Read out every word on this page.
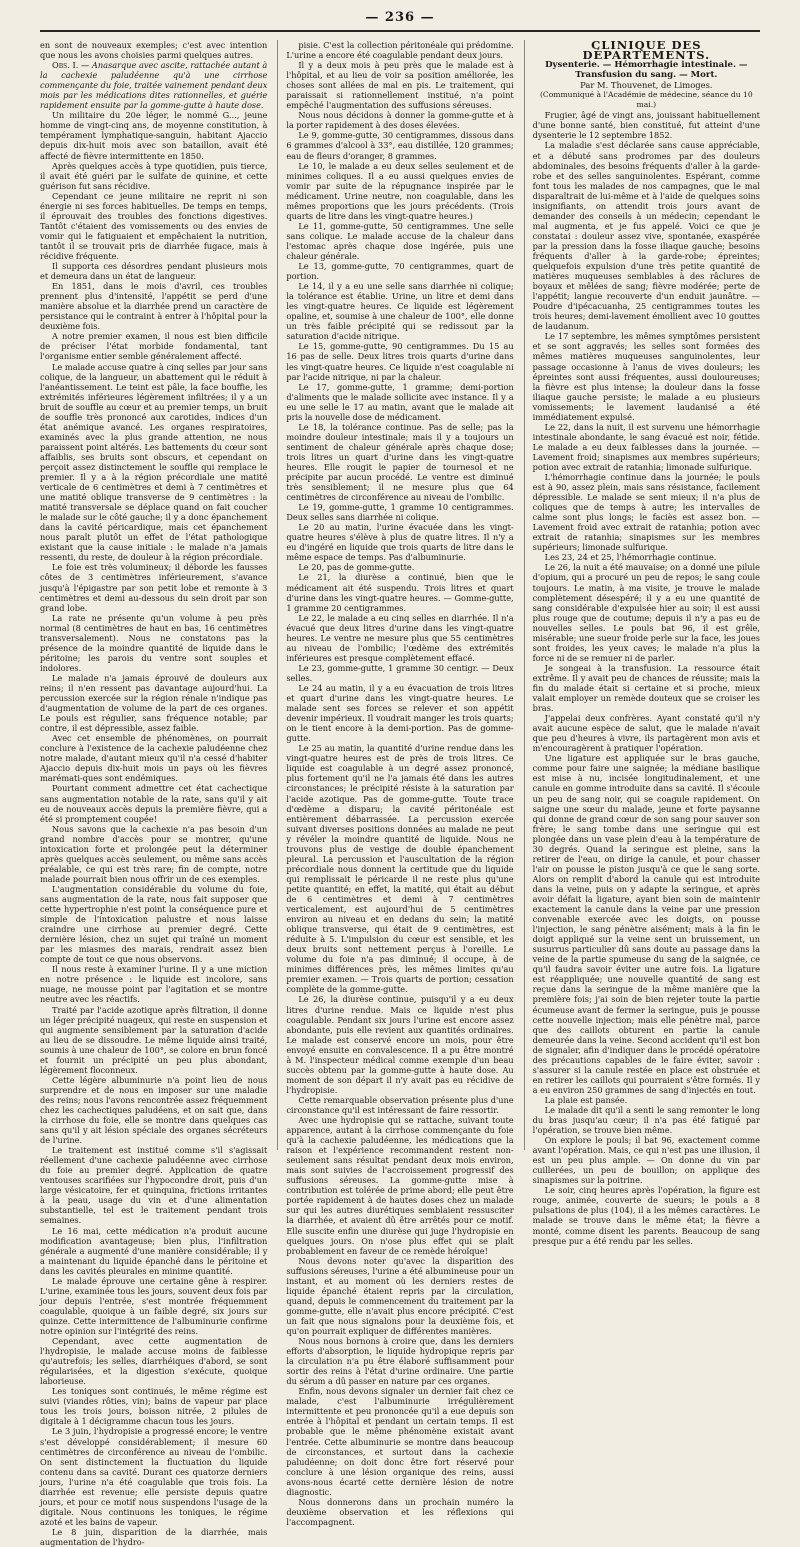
— 236 —

en sont de nouveaux exemples; c'est avec intention que nous les avons choisies parmi quelques autres.

Obs. I. — Anasarque avec ascite, rattachée autant à la cachexie paludéenne qu'à une cirrhose commençante du foie, traitée vainement pendant deux mois par les médications dites rationnelles, et guérie rapidement ensuite par la gomme-gutte à haute dose.

Un militaire du 20e léger, le nommé G..., jeune homme de vingt-cinq ans, de moyenne constitution, à tempérament lymphatique-sanguin, habitant Ajaccio depuis dix-huit mois avec son bataillon, avait été affecté de fièvre intermittente en 1850.

Après quelques accès à type quotidien, puis tierce, il avait été guéri par le sulfate de quinine, et cette guérison fut sans récidive.

Cependant ce jeune militaire ne reprit ni son énergie ni ses forces habituelles. De temps en temps, il éprouvait des troubles des fonctions digestives. Tantôt c'étaient des vomissements ou des envies de vomir qui le fatiguaient et empêchaient la nutrition, tantôt il se trouvait pris de diarrhée fugace, mais à récidive fréquente.

Il supporta ces désordres pendant plusieurs mois et demeura dans un état de langueur.

En 1851, dans le mois d'avril, ces troubles prennent plus d'intensité, l'appétit se perd d'une manière absolue et la diarrhée prend un caractère de persistance qui le contraint à entrer à l'hôpital pour la deuxième fois.

A notre premier examen, il nous est bien difficile de préciser l'état morbide fondamental, tant l'organisme entier semble généralement affecté.

Le malade accuse quatre à cinq selles par jour sans colique, de la langueur, un abattement qui le réduit à l'anéantissement. Le teint est pâle, la face bouffie, les extrémités inférieures légèrement infiltrées; il y a un bruit de souffle au cœur et au premier temps, un bruit de souffle très prononcé aux carotides, indices d'un état anémique avancé. Les organes respiratoires, examinés avec la plus grande attention, ne nous paraissent point altérés. Les battements du cœur sont affaiblis, ses bruits sont obscurs, et cependant on perçoit assez distinctement le souffle qui remplace le premier. Il y a à la région précordiale une matité verticale de 6 centimètres et demi à 7 centimètres et une matité oblique transverse de 9 centimètres : la matité transversale se déplace quand on fait coucher le malade sur le côté gauche; il y a donc épanchement dans la cavité péricardique, mais cet épanchement nous paraît plutôt un effet de l'état pathologique existant que la cause initiale : le malade n'a jamais ressenti, du reste, de douleur à la région précordiale.

Le foie est très volumineux; il déborde les fausses côtes de 3 centimètres inférieurement, s'avance jusqu'à l'épigastre par son petit lobe et remonte à 3 centimètres et demi au-dessous du sein droit par son grand lobe.

La rate ne présente qu'un volume à peu près normal (8 centimètres de haut en bas, 16 centimètres transversalement). Nous ne constatons pas la présence de la moindre quantité de liquide dans le péritoine; les parois du ventre sont souples et indolores.

Le malade n'a jamais éprouvé de douleurs aux reins; il n'en ressent pas davantage aujourd'hui. La percussion exercée sur la région rénale n'indique pas d'augmentation de volume de la part de ces organes. Le pouls est régulier, sans fréquence notable; par contre, il est dépressible, assez faible.

Avec cet ensemble de phénomènes, on pourrait conclure à l'existence de la cachexie paludéenne chez notre malade, d'autant mieux qu'il n'a cessé d'habiter Ajaccio depuis dix-huit mois un pays où les fièvres marémati-ques sont endémiques.

Pourtant comment admettre cet état cachectique sans augmentation notable de la rate, sans qu'il y ait eu de nouveaux accès depuis la première fièvre, qui a été si promptement coupée!

Nous savons que la cachexie n'a pas besoin d'un grand nombre d'accès pour se montrer, qu'une intoxication forte et prolongée peut la déterminer après quelques accès seulement, ou même sans accès préalable, ce qui est très rare; fin de compte, notre malade pourrait bien nous offrir un de ces exemples.

L'augmentation considérable du volume du foie, sans augmentation de la rate, nous fait supposer que cette hypertrophie n'est point la conséquence pure et simple de l'intoxication palustre et nous laisse craindre une cirrhose au premier degré. Cette dernière lésion, chez un sujet qui traîné un moment par les miasmes des marais, rendrait assez bien compte de tout ce que nous observons.

Il nous reste à examiner l'urine. Il y a une miction en notre présence : le liquide est incolore, sans nuage, ne mousse point par l'agitation et se montre neutre avec les réactifs.

Traité par l'acide azotique après filtration, il donne un léger précipité nuageux, qui reste en suspension et qui augmente sensiblement par la saturation d'acide au lieu de se dissoudre. Le même liquide ainsi traité, soumis à une chaleur de 100°, se colore en brun foncé et fournit un précipité un peu plus abondant, légèrement floconneux.

Cette légère albuminurie n'a point lieu de nous surprendre et de nous en imposer sur une maladie des reins; nous l'avons rencontrée assez fréquemment chez les cachectiques paludéens, et on sait que, dans la cirrhose du foie, elle se montre dans quelques cas sans qu'il y ait lésion spéciale des organes sécréteurs de l'urine.

Le traitement est institué comme s'il s'agissait réellement d'une cachexie paludéenne avec cirrhose du foie au premier degré. Application de quatre ventouses scarifiées sur l'hypocondre droit, puis d'un large vésicatoire, fer et quinquina, frictions irritantes à la peau, usage du vin et d'une alimentation substantielle, tel est le traitement pendant trois semaines.

Le 16 mai, cette médication n'a produit aucune modification avantageuse; bien plus, l'infiltration générale a augmenté d'une manière considérable; il y a maintenant du liquide épanché dans le péritoine et dans les cavités pleurales en minime quantité.

Le malade éprouve une certaine gêne à respirer. L'urine, examinée tous les jours, souvent deux fois par jour depuis l'entrée, s'est montrée fréquemment coagulable, quoique à un faible degré, six jours sur quinze. Cette intermittence de l'albuminurie confirme notre opinion sur l'intégrité des reins.

Cependant, avec cette augmentation de l'hydropisie, le malade accuse moins de faiblesse qu'autrefois; les selles, diarrhéiques d'abord, se sont régularisées, et la digestion s'exécute, quoique laborieuse.

Les toniques sont continués, le même régime est suivi (viandes rôties, vin); bains de vapeur par place tous les trois jours, boisson nitrée, 2 pilules de digitale à 1 décigramme chacun tous les jours.

Le 3 juin, l'hydropisie a progressé encore; le ventre s'est développé considérablement; il mesure 60 centimètres de circonférence au niveau de l'ombilic. On sent distinctement la fluctuation du liquide contenu dans sa cavité. Durant ces quatorze derniers jours, l'urine n'a été coagulable que trois fois. La diarrhée est revenue; elle persiste depuis quatre jours, et pour ce motif nous suspendons l'usage de la digitale. Nous continuons les toniques, le régime azoté et les bains de vapeur.

Le 8 juin, disparition de la diarrhée, mais augmentation de l'hydro-

pisie. C'est la collection péritonéale qui prédomine. L'urine a encore été coagulable pendant deux jours.

Il y a deux mois à peu près que le malade est à l'hôpital, et au lieu de voir sa position améliorée, les choses sont allées de mal en pis. Le traitement, qui paraissait si rationnellement institué, n'a point empêché l'augmentation des suffusions séreuses.

Nous nous décidons à donner la gomme-gutte et à la porter rapidement à des doses élevées.

Le 9, gomme-gutte, 30 centigrammes, dissous dans 6 grammes d'alcool à 33°, eau distillée, 120 grammes; eau de fleurs d'oranger, 8 grammes.

Le 10, le malade a eu deux selles seulement et de minimes coliques. Il a eu aussi quelques envies de vomir par suite de la répugnance inspirée par le médicament. Urine neutre, non coagulable, dans les mêmes proportions que les jours précédents. (Trois quarts de litre dans les vingt-quatre heures.)

Le 11, gomme-gutte, 50 centigrammes. Une selle sans colique. Le malade accuse de la chaleur dans l'estomac après chaque dose ingérée, puis une chaleur générale.

Le 13, gomme-gutte, 70 centigrammes, quart de portion.

Le 14, il y a eu une selle sans diarrhée ni colique; la tolérance est établie. Urine, un litre et demi dans les vingt-quatre heures. Ce liquide est légèrement opaline, et, soumise à une chaleur de 100°, elle donne un très faible précipité qui se redissout par la saturation d'acide nitrique.

Le 15, gomme-gutte, 90 centigrammes. Du 15 au 16 pas de selle. Deux litres trois quarts d'urine dans les vingt-quatre heures. Ce liquide n'est coagulable ni par l'acide nitrique, ni par la chaleur.

Le 17, gomme-gutte, 1 gramme; demi-portion d'aliments que le malade sollicite avec instance. Il y a eu une selle le 17 au matin, avant que le malade ait pris la nouvelle dose de médicament.

Le 18, la tolérance continue. Pas de selle; pas la moindre douleur intestinale; mais il y a toujours un sentiment de chaleur générale après chaque dose; trois litres un quart d'urine dans les vingt-quatre heures. Elle rougit le papier de tournesol et ne précipite par aucun procédé. Le ventre est diminué très sensiblement; il ne mesure plus que 64 centimètres de circonférence au niveau de l'ombilic.

Le 19, gomme-gutte, 1 gramme 10 centigrammes. Deux selles sans diarrhée ni colique.

Le 20 au matin, l'urine évacuée dans les vingt-quatre heures s'élève à plus de quatre litres. Il n'y a eu d'ingéré en liquide que trois quarts de litre dans le même espace de temps. Pas d'albuminurie.

Le 20, pas de gomme-gutte.

Le 21, la diurèse a continué, bien que le médicament ait été suspendu. Trois litres et quart d'urine dans les vingt-quatre heures. — Gomme-gutte, 1 gramme 20 centigrammes.

Le 22, le malade a eu cinq selles en diarrhée. Il n'a évacué que deux litres d'urine dans les vingt-quatre heures. Le ventre ne mesure plus que 55 centimètres au niveau de l'ombilic; l'œdème des extrémités inférieures est presque complètement effacé.

Le 23, gomme-gutte, 1 gramme 30 centigr. — Deux selles.

Le 24 au matin, il y a eu évacuation de trois litres et quart d'urine dans les vingt-quatre heures. Le malade sent ses forces se relever et son appétit devenir impérieux. Il voudrait manger les trois quarts; on le tient encore à la demi-portion. Pas de gomme-gutte.

Le 25 au matin, la quantité d'urine rendue dans les vingt-quatre heures est de près de trois litres. Ce liquide est coagulable à un degré assez prononcé, plus fortement qu'il ne l'a jamais été dans les autres circonstances; le précipité résiste à la saturation par l'acide azotique. Pas de gomme-gutte. Toute trace d'œdème a disparu; la cavité péritonéale est entièrement débarrassée. La percussion exercée suivant diverses positions données au malade ne peut y révéler la moindre quantité de liquide. Nous ne trouvons plus de vestige de double épanchement pleural. La percussion et l'auscultation de la région précordiale nous donnent la certitude que du liquide qui remplissait le péricarde il ne reste plus qu'une petite quantité; en effet, la matité, qui était au début de 6 centimètres et demi à 7 centimètres verticalement, est aujourd'hui de 5 centimètres environ au niveau et en dedans du sein; la matité oblique transverse, qui était de 9 centimètres, est réduite à 5. L'impulsion du cœur est sensible, et les deux bruits sont nettement perçus à l'oreille. Le volume du foie n'a pas diminué; il occupe, à de minimes différences près, les mêmes limites qu'au premier examen. — Trois quarts de portion; cessation complète de la gomme-gutte.

Le 26, la diurèse continue, puisqu'il y a eu deux litres d'urine rendue. Mais ce liquide n'est plus coagulable. Pendant six jours l'urine est encore assez abondante, puis elle revient aux quantités ordinaires. Le malade est conservé encore un mois, pour être envoyé ensuite en convalescence. Il a pu être montré à M. l'inspecteur médical comme exemple d'un beau succès obtenu par la gomme-gutte à haute dose. Au moment de son départ il n'y avait pas eu récidive de l'hydropisie.

Cette remarquable observation présente plus d'une circonstance qu'il est intéressant de faire ressortir.

Avec une hydropisie qui se rattache, suivant toute apparence, autant à la cirrhose commençante du foie qu'à la cachexie paludéenne, les médications que la raison et l'expérience recommandent restent non-seulement sans résultat pendant deux mois environ, mais sont suivies de l'accroissement progressif des suffusions séreuses. La gomme-gutte mise à contribution est tolérée de prime abord; elle peut être portée rapidement à de hautes doses chez un malade sur qui les autres diurétiques semblaient ressusciter la diarrhée, et avaient dû être arrêtés pour ce motif. Elle suscite enfin une diurèse qui juge l'hydropisie en quelques jours. On n'ose plus effet qui se plaît probablement en faveur de ce remède héroïque!

Nous devons noter qu'avec la disparition des suffusions séreuses, l'urine a été albumineuse pour un instant, et au moment où les derniers restes de liquide épanché étaient repris par la circulation, quand, depuis le commencement du traitement par la gomme-gutte, elle n'avait plus encore précipité. C'est un fait que nous signalons pour la deuxième fois, et qu'on pourrait expliquer de différentes manières.

Nous nous bornons à croire que, dans les derniers efforts d'absorption, le liquide hydropique repris par la circulation n'a pu être élaboré suffisamment pour sortir des reins à l'état d'urine ordinaire. Une partie du sérum a dû passer en nature par ces organes.

Enfin, nous devons signaler un dernier fait chez ce malade, c'est l'albuminurie irrégulièrement intermittente et peu prononcée qu'il a eue depuis son entrée à l'hôpital et pendant un certain temps. Il est probable que le même phénomène existait avant l'entrée. Cette albuminurie se montre dans beaucoup de circonstances, et surtout dans la cachexie paludéenne; on doit donc être fort réservé pour conclure à une lésion organique des reins, aussi avons-nous écarté cette dernière lésion de notre diagnostic.

Nous donnerons dans un prochain numéro la deuxième observation et les réflexions qui l'accompagnent.

CLINIQUE DES DÉPARTEMENTS.

Dysenterie. — Hémorrhagie intestinale. — Transfusion du sang. — Mort.

Par M. Thouvenet, de Limoges.

(Communiqué à l'Académie de médecine, séance du 10 mai.)

Frugier, âgé de vingt ans, jouissant habituellement d'une bonne santé, bien constitué, fut atteint d'une dysenterie le 12 septembre 1852.

La maladie s'est déclarée sans cause appréciable, et a débuté sans prodromes par des douleurs abdominales, des besoins fréquents d'aller à la garde-robe et des selles sanguinolentes. Espérant, comme font tous les malades de nos campagnes, que le mal disparaîtrait de lui-même et à l'aide de quelques soins insignifiants, on attendit trois jours avant de demander des conseils à un médecin; cependant le mal augmenta, et je fus appelé. Voici ce que je constatai : douleur assez vive, spontanée, exaspérée par la pression dans la fosse iliaque gauche; besoins fréquents d'aller à la garde-robe; épreintes; quelquefois expulsion d'une très petite quantité de matières muqueuses semblables à des râclures de boyaux et mêlées de sang; fièvre modérée; perte de l'appétit; langue recouverte d'un enduit jaunâtre. — Poudre d'ipécacuanha, 25 centigrammes toutes les trois heures; demi-lavement émollient avec 10 gouttes de laudanum.

Le 17 septembre, les mêmes symptômes persistent et se sont aggravés; les selles sont formées des mêmes matières muqueuses sanguinolentes, leur passage occasionne à l'anus de vives douleurs; les épreintes sont aussi fréquentes, aussi douloureuses; la fièvre est plus intense; la douleur dans la fosse iliaque gauche persiste; le malade a eu plusieurs vomissements; le lavement laudanisé a été immédiatement expulsé.

Le 22, dans la nuit, il est survenu une hémorrhagie intestinale abondante, le sang évacué est noir, fétide. Le malade a eu deux faiblesses dans la journée. — Lavement froid; sinapismes aux membres supérieurs; potion avec extrait de ratanhia; limonade sulfurique.

L'hémorrhagie continue dans la journée; le pouls est à 90, assez plein, mais sans résistance, facilement dépressible. Le malade se sent mieux; il n'a plus de coliques que de temps à autre; les intervalles de calme sont plus longs; le faciès est assez bon. — Lavement froid avec extrait de ratanhia; potion avec extrait de ratanhia; sinapismes sur les membres supérieurs; limonade sulfurique.

Les 23, 24 et 25, l'hémorrhagie continue.

Le 26, la nuit a été mauvaise; on a donné une pilule d'opium, qui a procuré un peu de repos; le sang coule toujours. Le matin, à ma visite, je trouve le malade complètement désespéré; il y a eu une quantité de sang considérable d'expulsée hier au soir; il est aussi plus rouge que de coutume; depuis il n'y a pas eu de nouvelles selles. Le pouls bat 96, il est grêle, misérable; une sueur froide perle sur la face, les joues sont froides, les yeux caves; le malade n'a plus la force ni de se remuer ni de parler.

Je songeai à la transfusion. La ressource était extrême. Il y avait peu de chances de réussite; mais la fin du malade était si certaine et si proche, mieux valait employer un remède douteux que se croiser les bras.

J'appelai deux confrères. Ayant constaté qu'il n'y avait aucune espèce de salut, que le malade n'avait que peu d'heures à vivre, ils partagèrent mon avis et m'encouragèrent à pratiquer l'opération.

Une ligature est appliquée sur le bras gauche, comme pour faire une saignée; la médiane basilique est mise à nu, incisée longitudinalement, et une canule en gomme introduite dans sa cavité. Il s'écoule un peu de sang noir, qui se coagule rapidement. On saigne une sœur du malade, jeune et forte paysanne qui donne de grand cœur de son sang pour sauver son frère; le sang tombe dans une seringue qui est plongée dans un vase plein d'eau à la température de 30 degrés. Quand la seringue est pleine, sans la retirer de l'eau, on dirige la canule, et pour chasser l'air on pousse le piston jusqu'à ce que le sang sorte. Alors on remplit d'abord la canule qui est introduite dans la veine, puis on y adapte la seringue, et après avoir défait la ligature, ayant bien soin de maintenir exactement la canule dans la veine par une pression convenable exercée avec les doigts, on pousse l'injection, le sang pénètre aisément; mais à la fin le doigt appliqué sur la veine sent un bruissement, un susurrus particulier dû sans doute au passage dans la veine de la partie spumeuse du sang de la saignée, ce qu'il faudra savoir éviter une autre fois. La ligature est réappliquée; une nouvelle quantité de sang est reçue dans la seringue de la même manière que la première fois; j'ai soin de bien rejeter toute la partie écumeuse avant de fermer la seringue, puis je pousse cette nouvelle injection; mais elle pénètre mal, parce que des caillots obturent en partie la canule demeurée dans la veine. Second accident qu'il est bon de signaler, afin d'indiquer dans le procédé opératoire des précautions capables de le faire éviter, savoir : s'assurer si la canule restée en place est obstruée et en retirer les caillots qui pourraient s'être formés. Il y a eu environ 250 grammes de sang d'injectés en tout.

La plaie est pansée.

Le malade dit qu'il a senti le sang remonter le long du bras jusqu'au cœur; il n'a pas été fatigué par l'opération, se trouve bien même.

On explore le pouls; il bat 96, exactement comme avant l'opération. Mais, ce qui n'est pas une illusion, il est un peu plus ample. — On donne du vin par cuillerées, un peu de bouillon; on applique des sinapismes sur la poitrine.

Le soir, cinq heures après l'opération, la figure est rouge, animée, couverte de sueurs; le pouls a 8 pulsations de plus (104), il a les mêmes caractères. Le malade se trouve dans le même état; la fièvre a monté, comme disent les parents. Beaucoup de sang presque pur a été rendu par les selles.
